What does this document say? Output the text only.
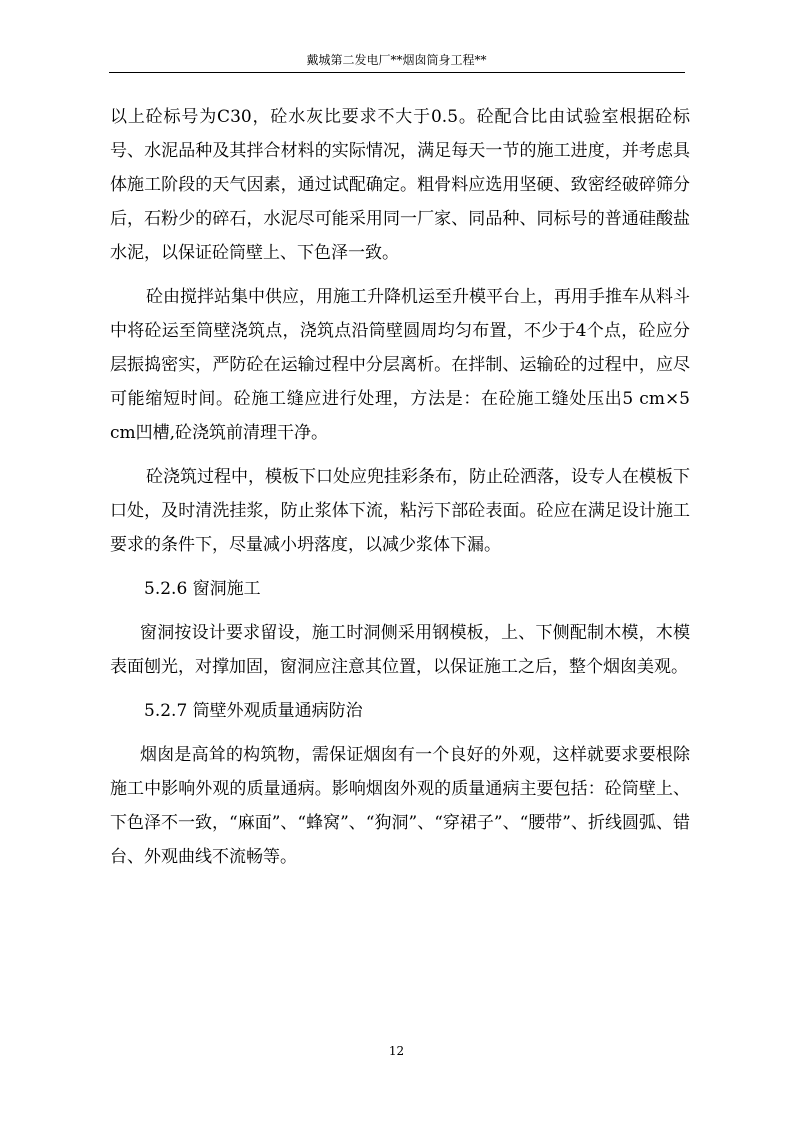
戴城第二发电厂**烟囱筒身工程**

以上砼标号为C30，砼水灰比要求不大于0.5。砼配合比由试验室根据砼标号、水泥品种及其拌合材料的实际情况，满足每天一节的施工进度，并考虑具体施工阶段的天气因素，通过试配确定。粗骨料应选用坚硬、致密经破碎筛分后，石粉少的碎石，水泥尽可能采用同一厂家、同品种、同标号的普通硅酸盐水泥，以保证砼筒壁上、下色泽一致。

砼由搅拌站集中供应，用施工升降机运至升模平台上，再用手推车从料斗中将砼运至筒壁浇筑点，浇筑点沿筒壁圆周均匀布置，不少于4个点，砼应分层振捣密实，严防砼在运输过程中分层离析。在拌制、运输砼的过程中，应尽可能缩短时间。砼施工缝应进行处理，方法是：在砼施工缝处压出5 cm×5 cm凹槽,砼浇筑前清理干净。

砼浇筑过程中，模板下口处应兜挂彩条布，防止砼洒落，设专人在模板下口处，及时清洗挂浆，防止浆体下流，粘污下部砼表面。砼应在满足设计施工要求的条件下，尽量减小坍落度，以减少浆体下漏。

5.2.6 窗洞施工

窗洞按设计要求留设，施工时洞侧采用钢模板，上、下侧配制木模，木模表面刨光，对撑加固，窗洞应注意其位置，以保证施工之后，整个烟囱美观。

5.2.7 筒壁外观质量通病防治

烟囱是高耸的构筑物，需保证烟囱有一个良好的外观，这样就要求要根除施工中影响外观的质量通病。影响烟囱外观的质量通病主要包括：砼筒壁上、下色泽不一致，“麻面”、“蜂窝”、“狗洞”、“穿裙子”、“腰带”、折线圆弧、错台、外观曲线不流畅等。

12
